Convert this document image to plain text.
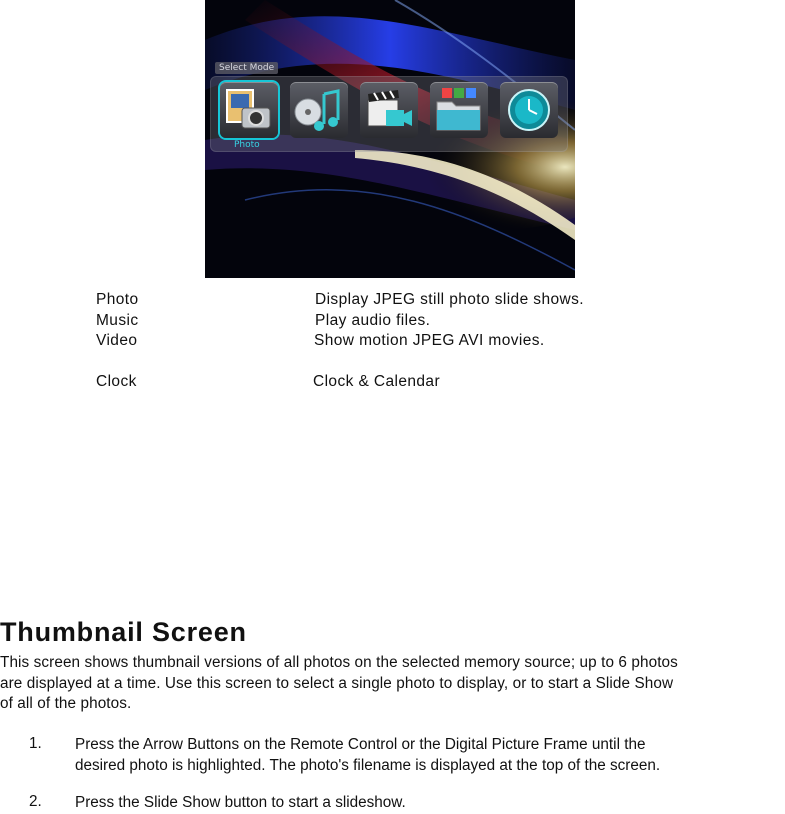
Select Mode
Photo
Photo	Display JPEG still photo slide shows.
Music	Play audio files.
Video	Show motion JPEG AVI movies.
Clock	Clock & Calendar
Thumbnail Screen
This screen shows thumbnail versions of all photos on the selected memory source; up to 6 photos
are displayed at a time. Use this screen to select a single photo to display, or to start a Slide Show
of all of the photos.
1. Press the Arrow Buttons on the Remote Control or the Digital Picture Frame until the
desired photo is highlighted. The photo's filename is displayed at the top of the screen.
2. Press the Slide Show button to start a slideshow.
